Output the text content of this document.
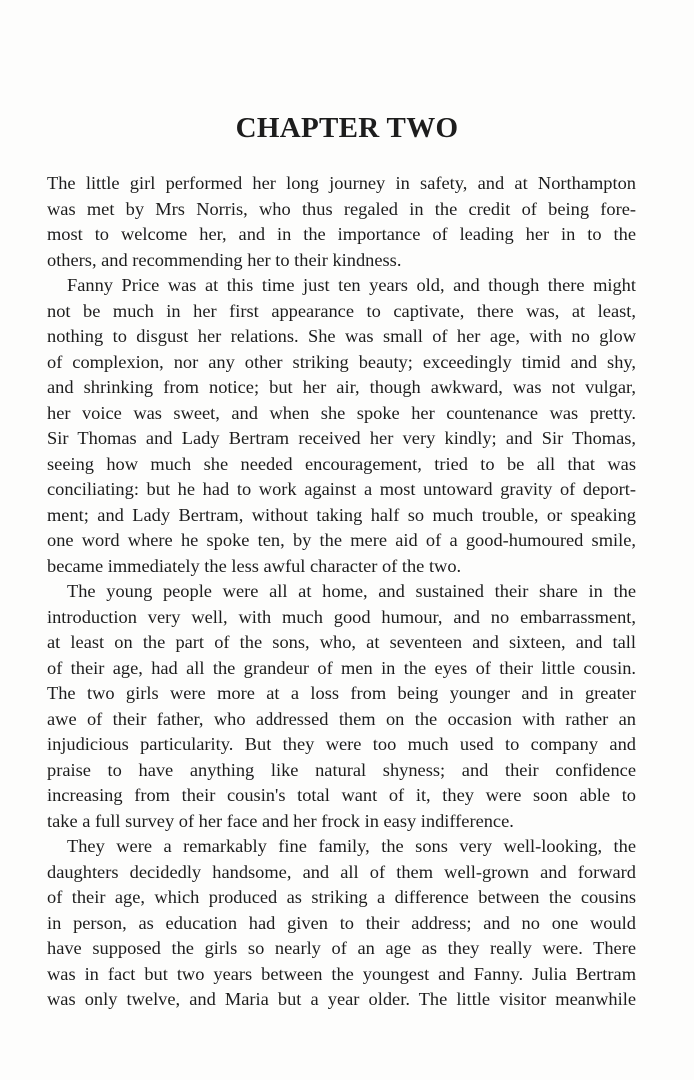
CHAPTER TWO
The little girl performed her long journey in safety, and at Northampton
was met by Mrs Norris, who thus regaled in the credit of being fore-
most to welcome her, and in the importance of leading her in to the
others, and recommending her to their kindness.
Fanny Price was at this time just ten years old, and though there might
not be much in her first appearance to captivate, there was, at least,
nothing to disgust her relations. She was small of her age, with no glow
of complexion, nor any other striking beauty; exceedingly timid and shy,
and shrinking from notice; but her air, though awkward, was not vulgar,
her voice was sweet, and when she spoke her countenance was pretty.
Sir Thomas and Lady Bertram received her very kindly; and Sir Thomas,
seeing how much she needed encouragement, tried to be all that was
conciliating: but he had to work against a most untoward gravity of deport-
ment; and Lady Bertram, without taking half so much trouble, or speaking
one word where he spoke ten, by the mere aid of a good-humoured smile,
became immediately the less awful character of the two.
The young people were all at home, and sustained their share in the
introduction very well, with much good humour, and no embarrassment,
at least on the part of the sons, who, at seventeen and sixteen, and tall
of their age, had all the grandeur of men in the eyes of their little cousin.
The two girls were more at a loss from being younger and in greater
awe of their father, who addressed them on the occasion with rather an
injudicious particularity. But they were too much used to company and
praise to have anything like natural shyness; and their confidence
increasing from their cousin's total want of it, they were soon able to
take a full survey of her face and her frock in easy indifference.
They were a remarkably fine family, the sons very well-looking, the
daughters decidedly handsome, and all of them well-grown and forward
of their age, which produced as striking a difference between the cousins
in person, as education had given to their address; and no one would
have supposed the girls so nearly of an age as they really were. There
was in fact but two years between the youngest and Fanny. Julia Bertram
was only twelve, and Maria but a year older. The little visitor meanwhile
